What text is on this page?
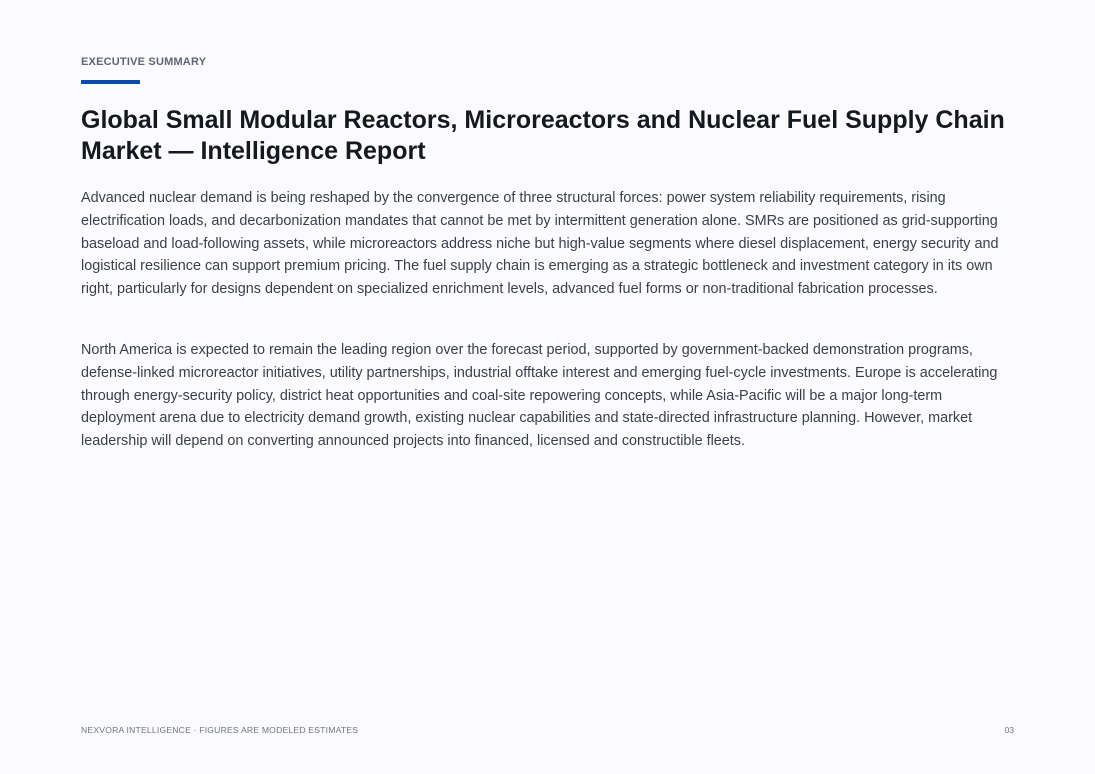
EXECUTIVE SUMMARY
Global Small Modular Reactors, Microreactors and Nuclear Fuel Supply Chain Market — Intelligence Report

Advanced nuclear demand is being reshaped by the convergence of three structural forces: power system reliability requirements, rising electrification loads, and decarbonization mandates that cannot be met by intermittent generation alone. SMRs are positioned as grid-supporting baseload and load-following assets, while microreactors address niche but high-value segments where diesel displacement, energy security and logistical resilience can support premium pricing. The fuel supply chain is emerging as a strategic bottleneck and investment category in its own right, particularly for designs dependent on specialized enrichment levels, advanced fuel forms or non-traditional fabrication processes.

North America is expected to remain the leading region over the forecast period, supported by government-backed demonstration programs, defense-linked microreactor initiatives, utility partnerships, industrial offtake interest and emerging fuel-cycle investments. Europe is accelerating through energy-security policy, district heat opportunities and coal-site repowering concepts, while Asia-Pacific will be a major long-term deployment arena due to electricity demand growth, existing nuclear capabilities and state-directed infrastructure planning. However, market leadership will depend on converting announced projects into financed, licensed and constructible fleets.

NEXVORA INTELLIGENCE · FIGURES ARE MODELED ESTIMATES	03
